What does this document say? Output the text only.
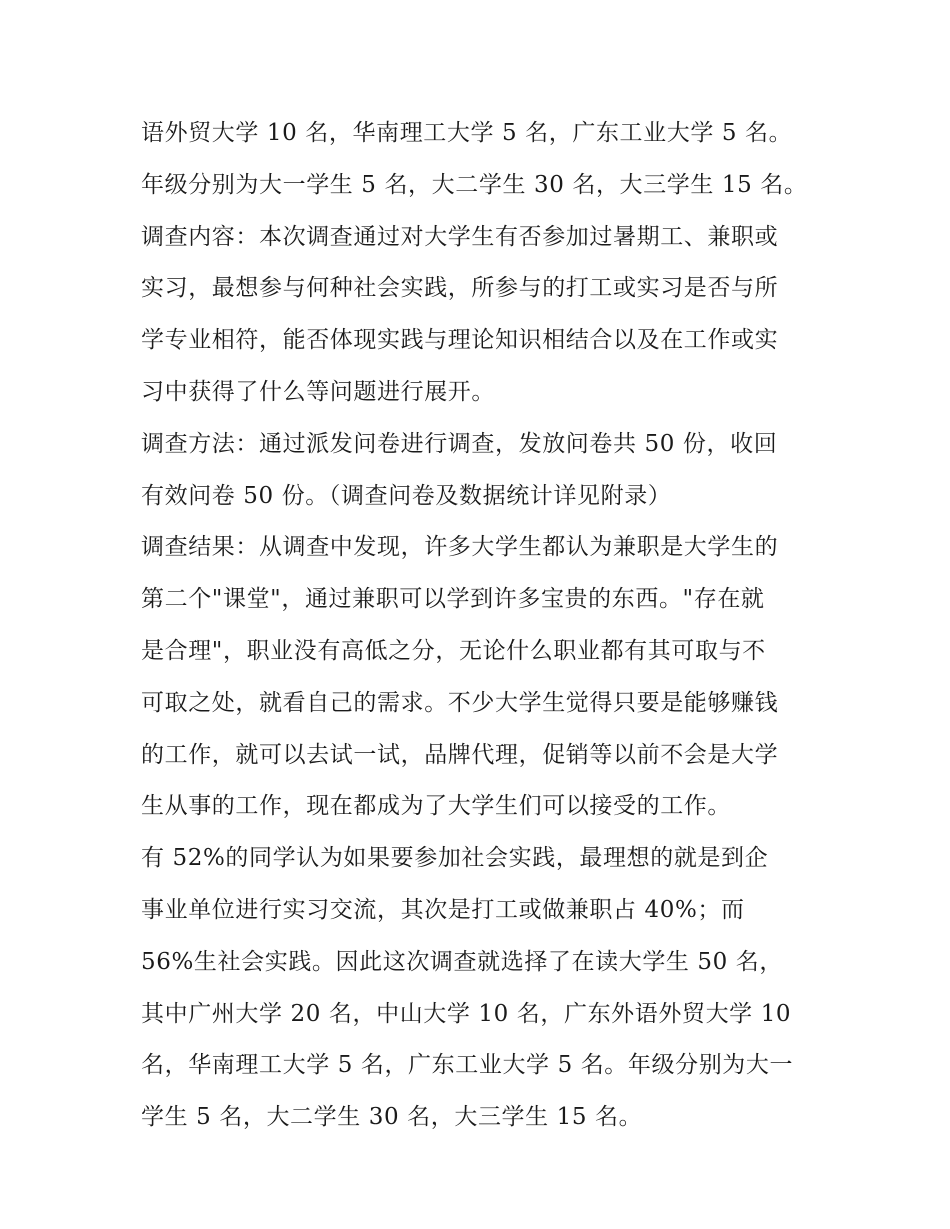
语外贸大学 10 名，华南理工大学 5 名，广东工业大学 5 名。
年级分别为大一学生 5 名，大二学生 30 名，大三学生 15 名。
调查内容：本次调查通过对大学生有否参加过暑期工、兼职或
实习，最想参与何种社会实践，所参与的打工或实习是否与所
学专业相符，能否体现实践与理论知识相结合以及在工作或实
习中获得了什么等问题进行展开。
调查方法：通过派发问卷进行调查，发放问卷共 50 份，收回
有效问卷 50 份。（调查问卷及数据统计详见附录）
调查结果：从调查中发现，许多大学生都认为兼职是大学生的
第二个"课堂"，通过兼职可以学到许多宝贵的东西。"存在就
是合理"，职业没有高低之分，无论什么职业都有其可取与不
可取之处，就看自己的需求。不少大学生觉得只要是能够赚钱
的工作，就可以去试一试，品牌代理，促销等以前不会是大学
生从事的工作，现在都成为了大学生们可以接受的工作。
有 52%的同学认为如果要参加社会实践，最理想的就是到企
事业单位进行实习交流，其次是打工或做兼职占 40%；而
56%生社会实践。因此这次调查就选择了在读大学生 50 名，
其中广州大学 20 名，中山大学 10 名，广东外语外贸大学 10
名，华南理工大学 5 名，广东工业大学 5 名。年级分别为大一
学生 5 名，大二学生 30 名，大三学生 15 名。
